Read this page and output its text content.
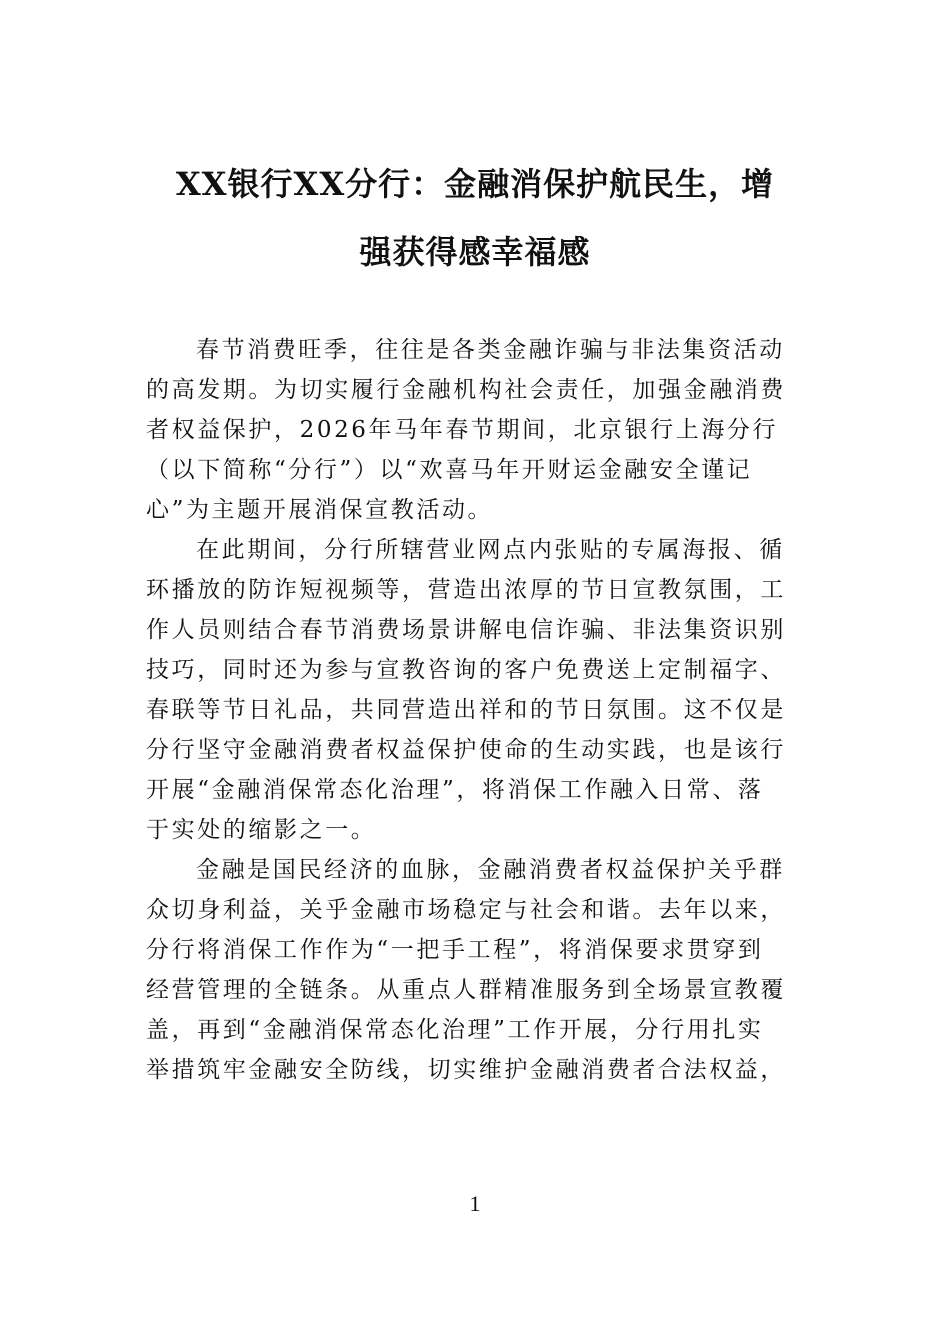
XX银行XX分行：金融消保护航民生，增
强获得感幸福感

春节消费旺季，往往是各类金融诈骗与非法集资活动

的高发期。为切实履行金融机构社会责任，加强金融消费

者权益保护，2026年马年春节期间，北京银行上海分行

（以下简称“分行”）以“欢喜马年开财运金融安全谨记

心”为主题开展消保宣教活动。

在此期间，分行所辖营业网点内张贴的专属海报、循

环播放的防诈短视频等，营造出浓厚的节日宣教氛围，工

作人员则结合春节消费场景讲解电信诈骗、非法集资识别

技巧，同时还为参与宣教咨询的客户免费送上定制福字、

春联等节日礼品，共同营造出祥和的节日氛围。这不仅是

分行坚守金融消费者权益保护使命的生动实践，也是该行

开展“金融消保常态化治理”，将消保工作融入日常、落

于实处的缩影之一。

金融是国民经济的血脉，金融消费者权益保护关乎群

众切身利益，关乎金融市场稳定与社会和谐。去年以来，

分行将消保工作作为“一把手工程”，将消保要求贯穿到

经营管理的全链条。从重点人群精准服务到全场景宣教覆

盖，再到“金融消保常态化治理”工作开展，分行用扎实

举措筑牢金融安全防线，切实维护金融消费者合法权益，

1
